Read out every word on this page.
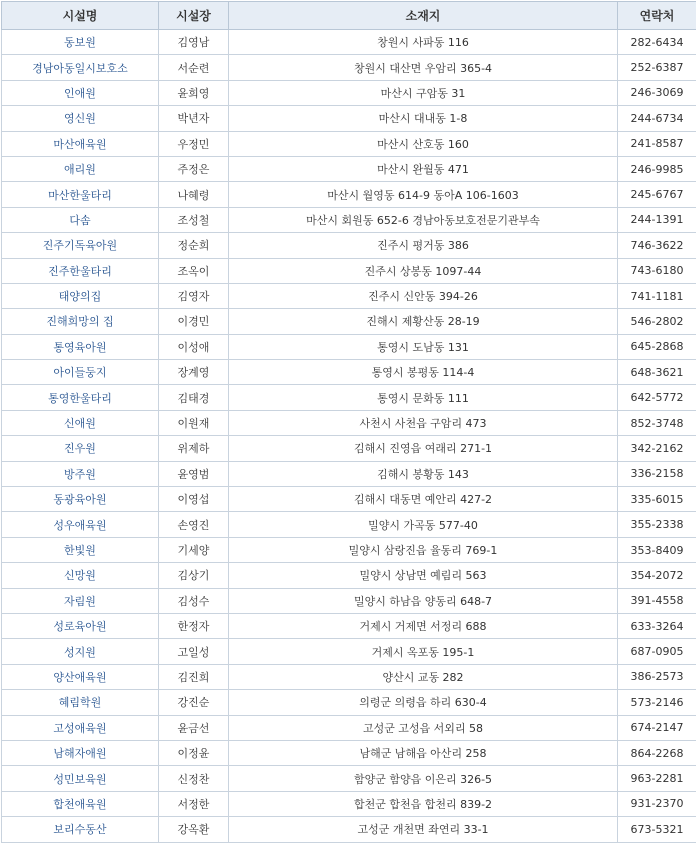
시설명	시설장	소재지	연락처
동보원	김영남	창원시 사파동 116	282-6434
경남아동일시보호소	서순련	창원시 대산면 우암리 365-4	252-6387
인애원	윤희영	마산시 구암동 31	246-3069
영신원	박년자	마산시 대내동 1-8	244-6734
마산애육원	우정민	마산시 산호동 160	241-8587
애리원	주정은	마산시 완월동 471	246-9985
마산한울타리	나혜령	마산시 월영동 614-9 동아A 106-1603	245-6767
다솜	조성철	마산시 회원동 652-6 경남아동보호전문기관부속	244-1391
진주기독육아원	정순희	진주시 평거동 386	746-3622
진주한울타리	조옥이	진주시 상봉동 1097-44	743-6180
태양의집	김영자	진주시 신안동 394-26	741-1181
진해희망의 집	이경민	진해시 제황산동 28-19	546-2802
통영육아원	이성애	통영시 도남동 131	645-2868
아이들둥지	장계영	통영시 봉평동 114-4	648-3621
통영한울타리	김태경	통영시 문화동 111	642-5772
신애원	이원재	사천시 사천읍 구암리 473	852-3748
진우원	위제하	김해시 진영읍 여래리 271-1	342-2162
방주원	윤영범	김해시 봉황동 143	336-2158
동광육아원	이영섭	김해시 대동면 예안리 427-2	335-6015
성우애육원	손영진	밀양시 가곡동 577-40	355-2338
한빛원	기세양	밀양시 삼랑진읍 율동리 769-1	353-8409
신망원	김상기	밀양시 상남면 예림리 563	354-2072
자림원	김성수	밀양시 하남읍 양동리 648-7	391-4558
성로육아원	한정자	거제시 거제면 서정리 688	633-3264
성지원	고일성	거제시 옥포동 195-1	687-0905
양산애육원	김진희	양산시 교동 282	386-2573
혜림학원	강진순	의령군 의령읍 하리 630-4	573-2146
고성애육원	윤금선	고성군 고성읍 서외리 58	674-2147
남해자애원	이정윤	남해군 남해읍 아산리 258	864-2268
성민보육원	신정찬	함양군 함양읍 이은리 326-5	963-2281
합천애육원	서정한	합천군 합천읍 합천리 839-2	931-2370
보리수동산	강옥환	고성군 개천면 좌연리 33-1	673-5321
